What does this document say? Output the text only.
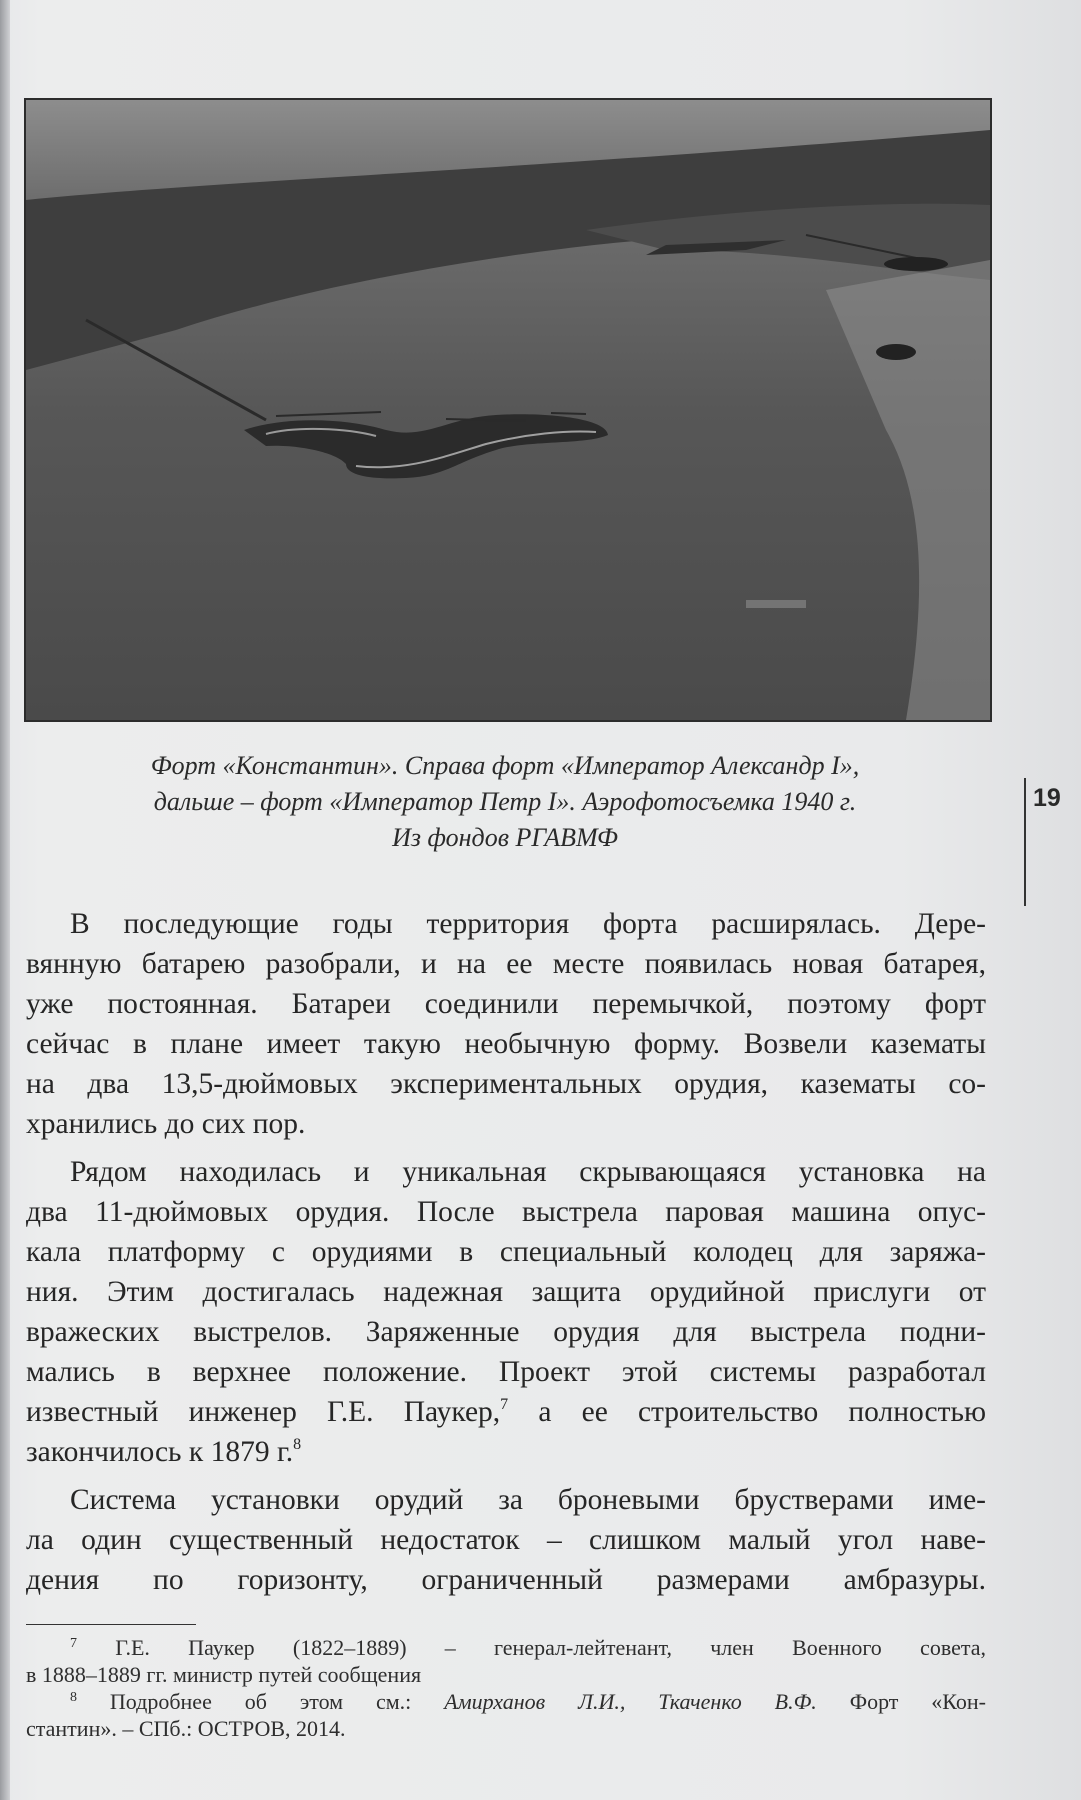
Форт «Константин». Справа форт «Император Александр I»,
дальше – форт «Император Петр I». Аэрофотосъемка 1940 г.
Из фондов РГАВМФ
19
В последующие годы территория форта расширялась. Дере-
вянную батарею разобрали, и на ее месте появилась новая батарея,
уже постоянная. Батареи соединили перемычкой, поэтому форт
сейчас в плане имеет такую необычную форму. Возвели казематы
на два 13,5-дюймовых экспериментальных орудия, казематы со-
хранились до сих пор.
Рядом находилась и уникальная скрывающаяся установка на
два 11-дюймовых орудия. После выстрела паровая машина опус-
кала платформу с орудиями в специальный колодец для заряжа-
ния. Этим достигалась надежная защита орудийной прислуги от
вражеских выстрелов. Заряженные орудия для выстрела подни-
мались в верхнее положение. Проект этой системы разработал
известный инженер Г.Е. Паукер,$^7$ а ее строительство полностью
закончилось к 1879 г.$^8$
Система установки орудий за броневыми брустверами име-
ла один существенный недостаток – слишком малый угол наве-
дения по горизонту, ограниченный размерами амбразуры.
$^7$ Г.Е. Паукер (1822–1889) – генерал-лейтенант, член Военного совета,
в 1888–1889 гг. министр путей сообщения
$^8$ Подробнее об этом см.: Амирханов Л.И., Ткаченко В.Ф. Форт «Кон-
стантин». – СПб.: ОСТРОВ, 2014.
